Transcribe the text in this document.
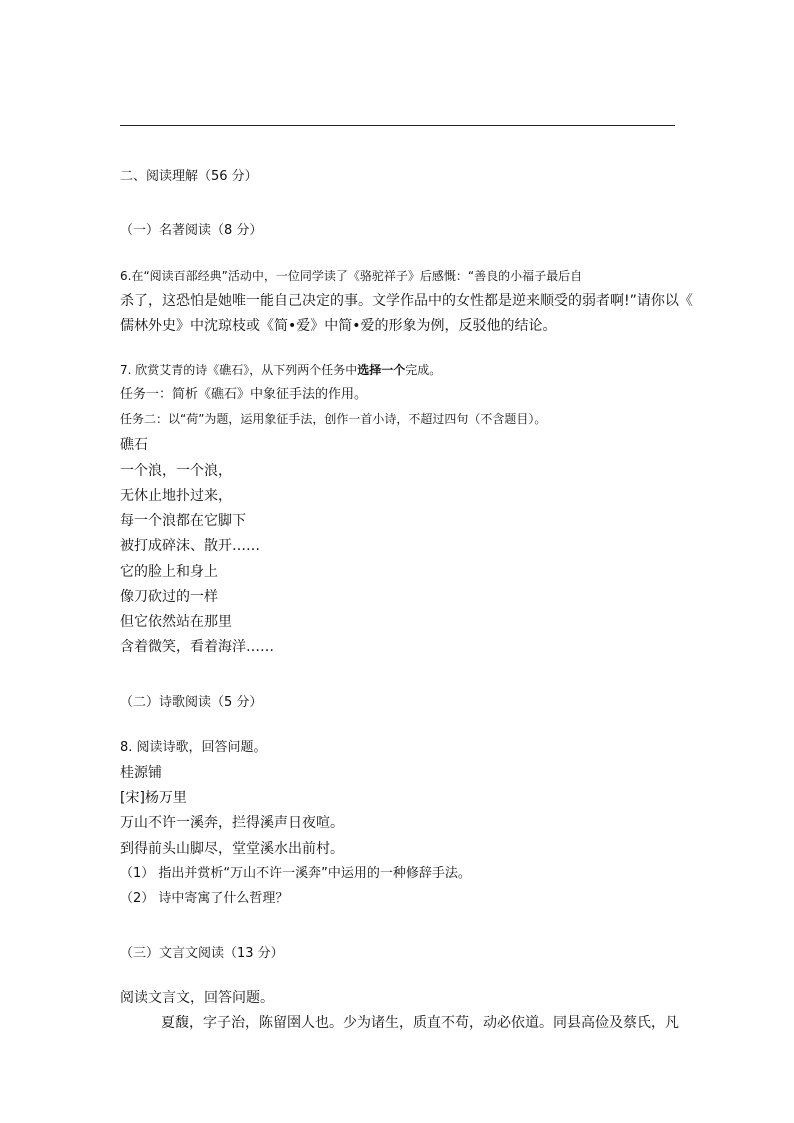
二、阅读理解（56 分）
（一）名著阅读（8 分）
6.在“阅读百部经典”活动中，一位同学读了《骆驼祥子》后感慨：“善良的小福子最后自
杀了，这恐怕是她唯一能自己决定的事。文学作品中的女性都是逆来顺受的弱者啊!”请你以《
儒林外史》中沈琼枝或《简•爱》中简•爱的形象为例，反驳他的结论。
7. 欣赏艾青的诗《礁石》，从下列两个任务中选择一个完成。
任务一：简析《礁石》中象征手法的作用。
任务二：以“荷”为题，运用象征手法，创作一首小诗，不超过四句（不含题目）。
礁石
一个浪，一个浪，
无休止地扑过来，
每一个浪都在它脚下
被打成碎沫、散开……
它的脸上和身上
像刀砍过的一样
但它依然站在那里
含着微笑，看着海洋……
（二）诗歌阅读（5 分）
8. 阅读诗歌，回答问题。
桂源铺
[宋]杨万里
万山不许一溪奔，拦得溪声日夜喧。
到得前头山脚尽，堂堂溪水出前村。
（1） 指出并赏析“万山不许一溪奔”中运用的一种修辞手法。
（2） 诗中寄寓了什么哲理？
（三）文言文阅读（13 分）
阅读文言文，回答问题。
夏馥，字子治，陈留圉人也。少为诸生，质直不苟，动必依道。同县高俭及蔡氏，凡
